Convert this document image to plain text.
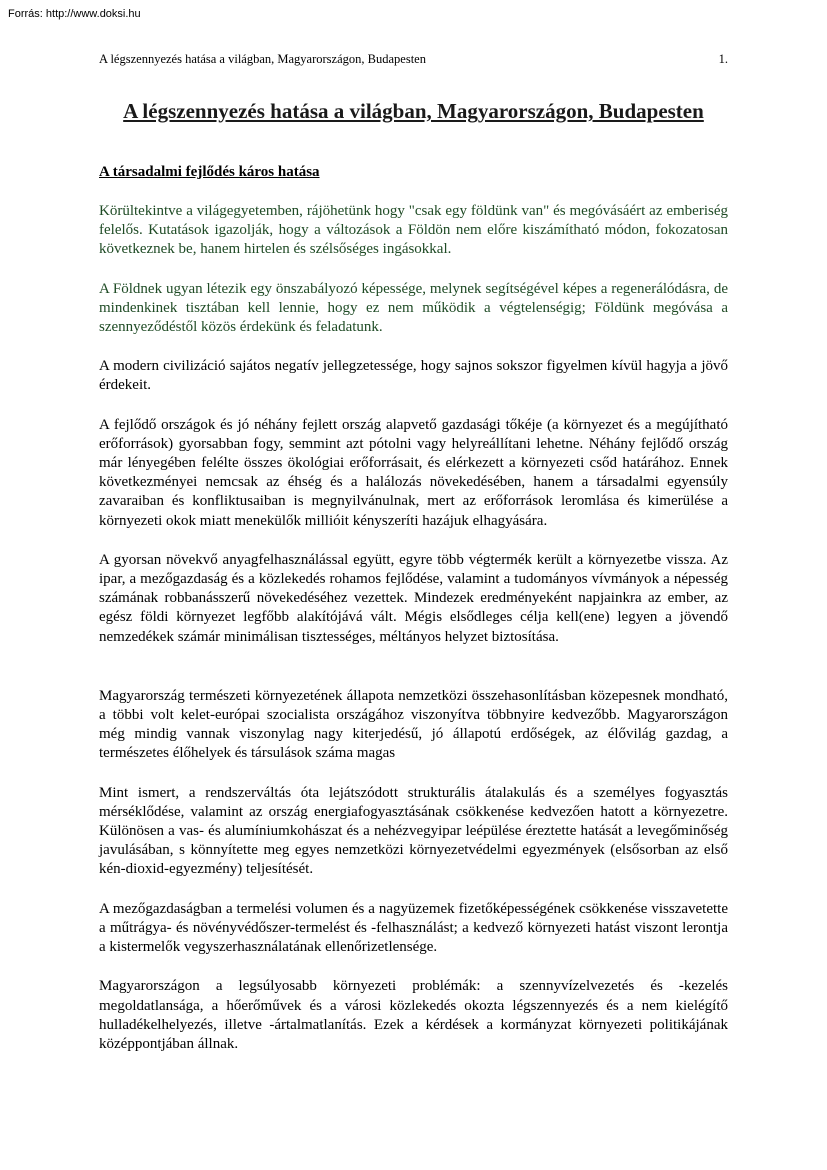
Forrás: http://www.doksi.hu
A légszennyezés hatása a világban, Magyarországon, Budapesten	1.
A légszennyezés hatása a világban, Magyarországon, Budapesten
A társadalmi fejlődés káros hatása

Körültekintve a világegyetemben, rájöhetünk hogy "csak egy földünk van" és megóvásáért az emberiség felelős. Kutatások igazolják, hogy a változások a Földön nem előre kiszámítható módon, fokozatosan következnek be, hanem hirtelen és szélsőséges ingásokkal.

A Földnek ugyan létezik egy önszabályozó képessége, melynek segítségével képes a regenerálódásra, de mindenkinek tisztában kell lennie, hogy ez nem működik a végtelenségig; Földünk megóvása a szennyeződéstől közös érdekünk és feladatunk.

A modern civilizáció sajátos negatív jellegzetessége, hogy sajnos sokszor figyelmen kívül hagyja a jövő érdekeit.

A fejlődő országok és jó néhány fejlett ország alapvető gazdasági tőkéje (a környezet és a megújítható erőforrások) gyorsabban fogy, semmint azt pótolni vagy helyreállítani lehetne. Néhány fejlődő ország már lényegében felélte összes ökológiai erőforrásait, és elérkezett a környezeti csőd határához. Ennek következményei nemcsak az éhség és a halálozás növekedésében, hanem a társadalmi egyensúly zavaraiban és konfliktusaiban is megnyilvánulnak, mert az erőforrások leromlása és kimerülése a környezeti okok miatt menekülők millióit kényszeríti hazájuk elhagyására.

A gyorsan növekvő anyagfelhasználással együtt, egyre több végtermék került a környezetbe vissza. Az ipar, a mezőgazdaság és a közlekedés rohamos fejlődése, valamint a tudományos vívmányok a népesség számának robbanásszerű növekedéséhez vezettek. Mindezek eredményeként napjainkra az ember, az egész földi környezet legfőbb alakítójává vált. Mégis elsődleges célja kell(ene) legyen a jövendő nemzedékek számár minimálisan tisztességes, méltányos helyzet biztosítása.

Magyarország természeti környezetének állapota nemzetközi összehasonlításban közepesnek mondható, a többi volt kelet-európai szocialista országához viszonyítva többnyire kedvezőbb. Magyarországon még mindig vannak viszonylag nagy kiterjedésű, jó állapotú erdőségek, az élővilág gazdag, a természetes élőhelyek és társulások száma magas

Mint ismert, a rendszerváltás óta lejátszódott strukturális átalakulás és a személyes fogyasztás mérséklődése, valamint az ország energiafogyasztásának csökkenése kedvezően hatott a környezetre. Különösen a vas- és alumíniumkohászat és a nehézvegyipar leépülése éreztette hatását a levegőminőség javulásában, s könnyítette meg egyes nemzetközi környezetvédelmi egyezmények (elsősorban az első kén-dioxid-egyezmény) teljesítését.

A mezőgazdaságban a termelési volumen és a nagyüzemek fizetőképességének csökkenése visszavetette a műtrágya- és növényvédőszer-termelést és -felhasználást; a kedvező környezeti hatást viszont lerontja a kistermelők vegyszerhasználatának ellenőrizetlensége.

Magyarországon a legsúlyosabb környezeti problémák: a szennyvízelvezetés és -kezelés megoldatlansága, a hőerőművek és a városi közlekedés okozta légszennyezés és a nem kielégítő hulladékelhelyezés, illetve -ártalmatlanítás. Ezek a kérdések a kormányzat környezeti politikájának középpontjában állnak.
